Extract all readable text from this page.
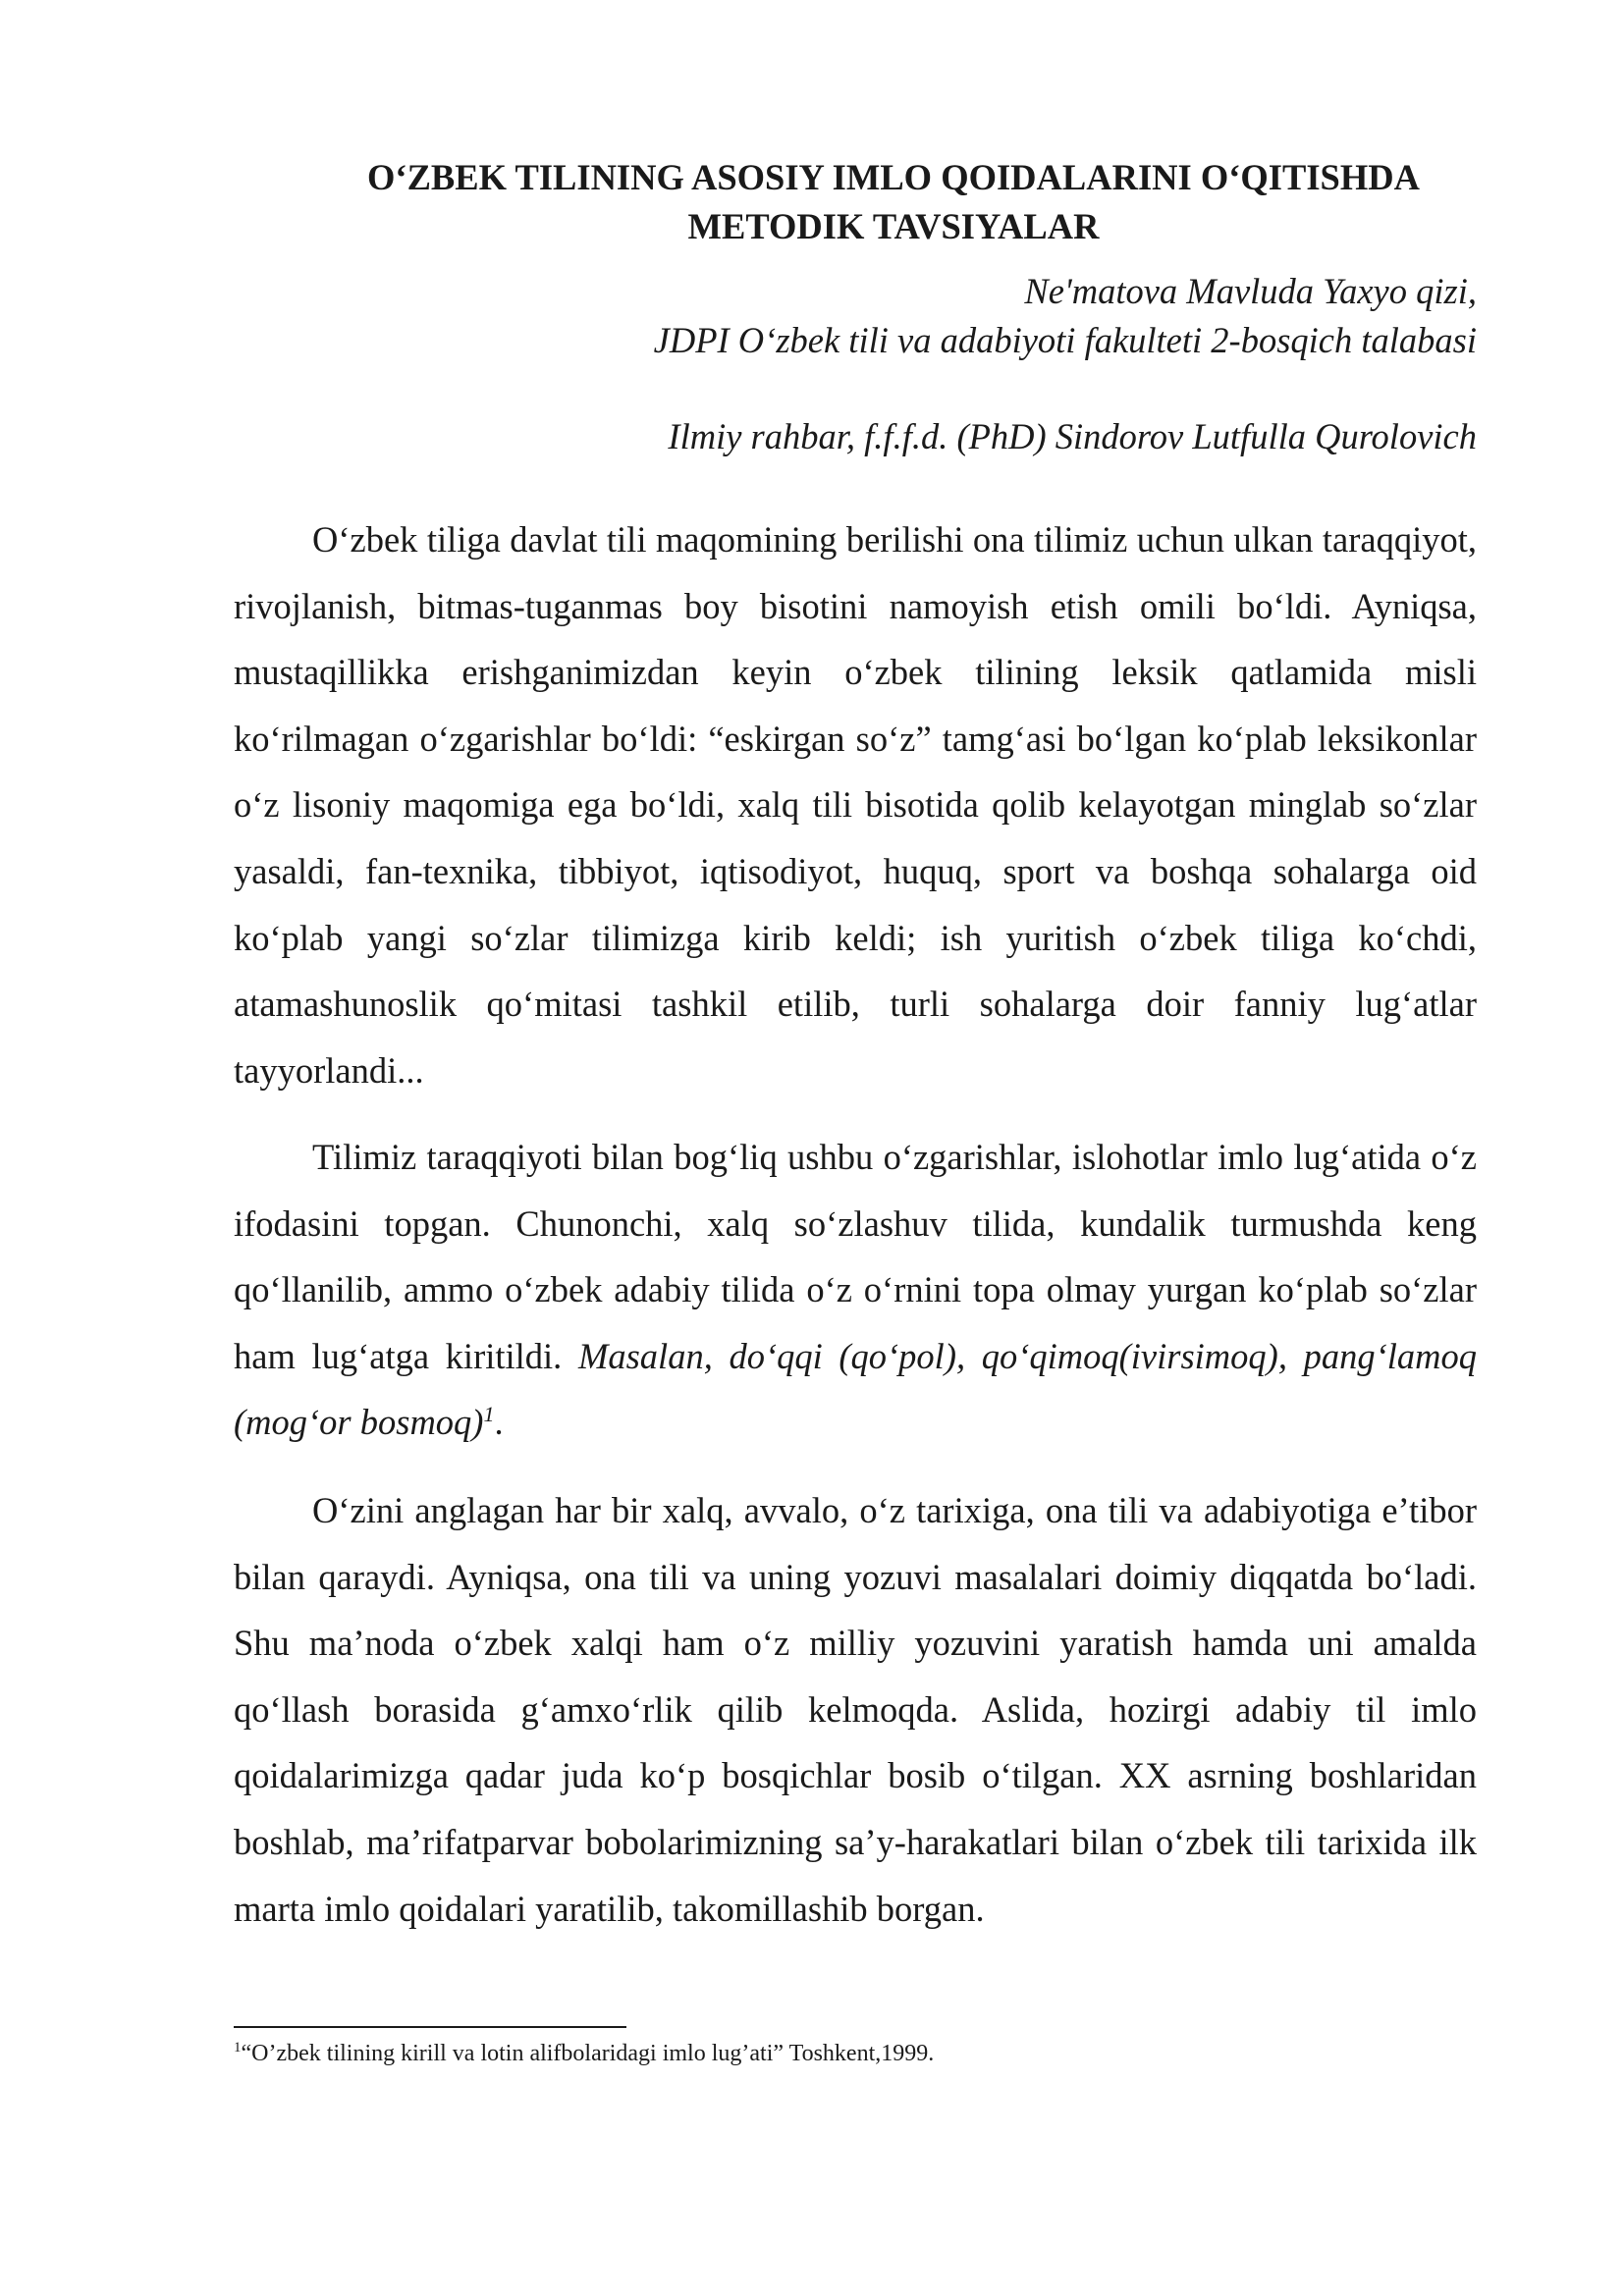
O‘ZBEK TILINING ASOSIY IMLO QOIDALARINI O‘QITISHDA
METODIK TAVSIYALAR

Ne'matova Mavluda Yaxyo qizi,

JDPI O‘zbek tili va adabiyoti fakulteti 2-bosqich talabasi

Ilmiy rahbar, f.f.f.d. (PhD) Sindorov Lutfulla Qurolovich

O‘zbek tiliga davlat tili maqomining berilishi ona tilimiz uchun ulkan taraqqiyot, rivojlanish, bitmas-tuganmas boy bisotini namoyish etish omili bo‘ldi. Ayniqsa, mustaqillikka erishganimizdan keyin o‘zbek tilining leksik qatlamida misli ko‘rilmagan o‘zgarishlar bo‘ldi: “eskirgan so‘z” tamg‘asi bo‘lgan ko‘plab leksikonlar o‘z lisoniy maqomiga ega bo‘ldi, xalq tili bisotida qolib kelayotgan minglab so‘zlar yasaldi, fan-texnika, tibbiyot, iqtisodiyot, huquq, sport va boshqa sohalarga oid ko‘plab yangi so‘zlar tilimizga kirib keldi; ish yuritish o‘zbek tiliga ko‘chdi, atamashunoslik qo‘mitasi tashkil etilib, turli sohalarga doir fanniy lug‘atlar tayyorlandi...

Tilimiz taraqqiyoti bilan bog‘liq ushbu o‘zgarishlar, islohotlar imlo lug‘atida o‘z ifodasini topgan. Chunonchi, xalq so‘zlashuv tilida, kundalik turmushda keng qo‘llanilib, ammo o‘zbek adabiy tilida o‘z o‘rnini topa olmay yurgan ko‘plab so‘zlar ham lug‘atga kiritildi. Masalan, do‘qqi (qo‘pol), qo‘qimoq(ivirsimoq), pang‘lamoq (mog‘or bosmoq)$^1$.

O‘zini anglagan har bir xalq, avvalo, o‘z tarixiga, ona tili va adabiyotiga e’tibor bilan qaraydi. Ayniqsa, ona tili va uning yozuvi masalalari doimiy diqqatda bo‘ladi. Shu ma’noda o‘zbek xalqi ham o‘z milliy yozuvini yaratish hamda uni amalda qo‘llash borasida g‘amxo‘rlik qilib kelmoqda. Aslida, hozirgi adabiy til imlo qoidalarimizga qadar juda ko‘p bosqichlar bosib o‘tilgan. XX asrning boshlaridan boshlab, ma’rifatparvar bobolarimizning sa’y-harakatlari bilan o‘zbek tili tarixida ilk marta imlo qoidalari yaratilib, takomillashib borgan.

$^1$“O’zbek tilining kirill va lotin alifbolaridagi imlo lug’ati” Toshkent,1999.
